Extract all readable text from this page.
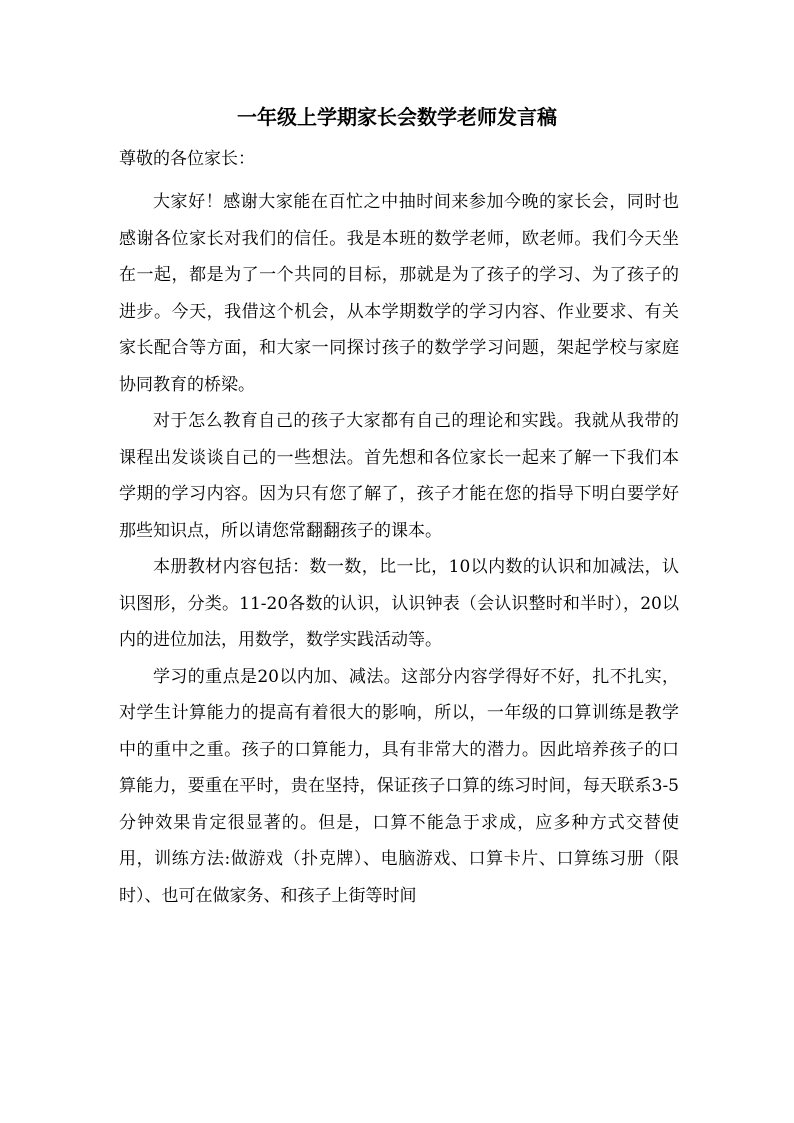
一年级上学期家长会数学老师发言稿

尊敬的各位家长：

大家好！感谢大家能在百忙之中抽时间来参加今晚的家长会，同时也感谢各位家长对我们的信任。我是本班的数学老师，欧老师。我们今天坐在一起，都是为了一个共同的目标，那就是为了孩子的学习、为了孩子的进步。今天，我借这个机会，从本学期数学的学习内容、作业要求、有关家长配合等方面，和大家一同探讨孩子的数学学习问题，架起学校与家庭协同教育的桥梁。

对于怎么教育自己的孩子大家都有自己的理论和实践。我就从我带的课程出发谈谈自己的一些想法。首先想和各位家长一起来了解一下我们本学期的学习内容。因为只有您了解了，孩子才能在您的指导下明白要学好那些知识点，所以请您常翻翻孩子的课本。

本册教材内容包括：数一数，比一比，10以内数的认识和加减法，认识图形，分类。11-20各数的认识，认识钟表（会认识整时和半时），20以内的进位加法，用数学，数学实践活动等。

学习的重点是20以内加、减法。这部分内容学得好不好，扎不扎实，对学生计算能力的提高有着很大的影响，所以，一年级的口算训练是教学中的重中之重。孩子的口算能力，具有非常大的潜力。因此培养孩子的口算能力，要重在平时，贵在坚持，保证孩子口算的练习时间，每天联系3-5分钟效果肯定很显著的。但是，口算不能急于求成，应多种方式交替使用，训练方法:做游戏（扑克牌）、电脑游戏、口算卡片、口算练习册（限时）、也可在做家务、和孩子上街等时间
